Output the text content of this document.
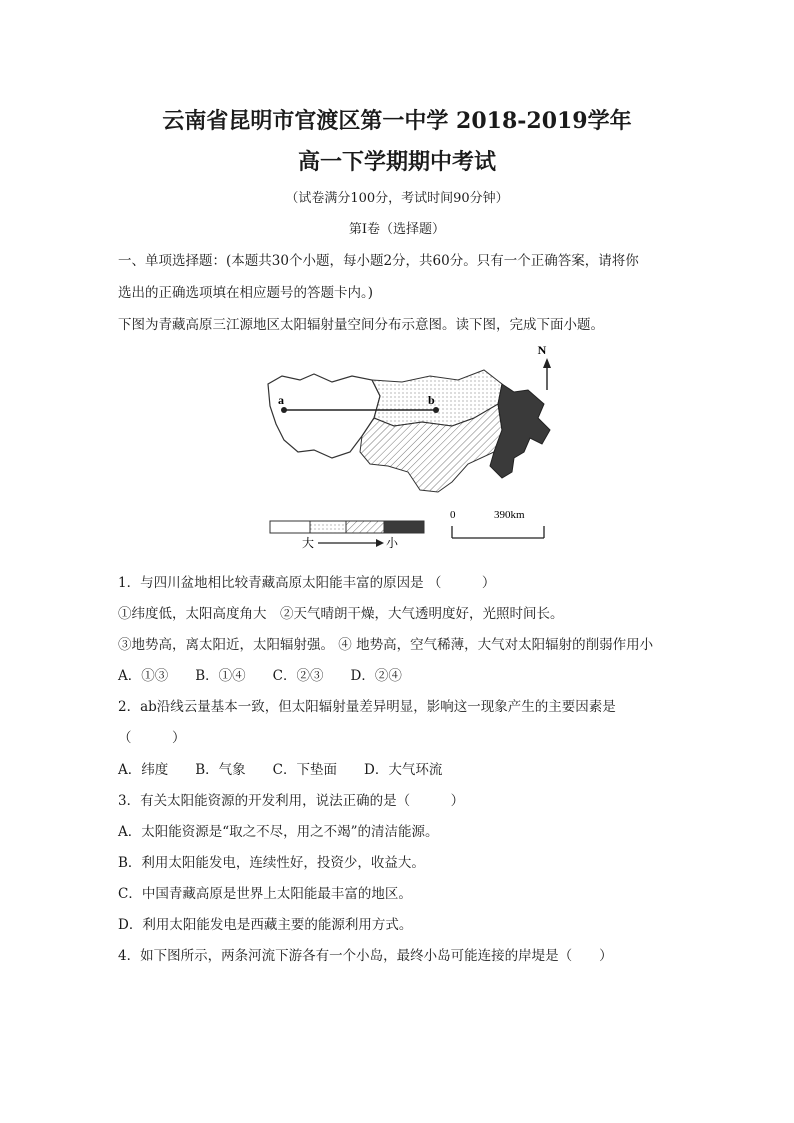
云南省昆明市官渡区第一中学 2018-2019学年
高一下学期期中考试
（试卷满分100分，考试时间90分钟）
第Ⅰ卷（选择题）
一、单项选择题：(本题共30个小题，每小题2分，共60分。只有一个正确答案，请将你
选出的正确选项填在相应题号的答题卡内。)
下图为青藏高原三江源地区太阳辐射量空间分布示意图。读下图，完成下面小题。
a	b
N
大	小
0	390km
1．与四川盆地相比较青藏高原太阳能丰富的原因是 （　　　）
①纬度低，太阳高度角大　②天气晴朗干燥，大气透明度好，光照时间长。
③地势高，离太阳近，太阳辐射强。 ④ 地势高，空气稀薄，大气对太阳辐射的削弱作用小
A．①③　　B．①④　　C．②③　　D．②④
2．ab沿线云量基本一致，但太阳辐射量差异明显，影响这一现象产生的主要因素是
（　　　）
A．纬度　　B．气象　　C．下垫面　　D．大气环流
3．有关太阳能资源的开发利用，说法正确的是（　　　）
A．太阳能资源是“取之不尽，用之不竭”的清洁能源。
B．利用太阳能发电，连续性好，投资少，收益大。
C．中国青藏高原是世界上太阳能最丰富的地区。
D．利用太阳能发电是西藏主要的能源利用方式。
4．如下图所示，两条河流下游各有一个小岛，最终小岛可能连接的岸堤是（　　）
